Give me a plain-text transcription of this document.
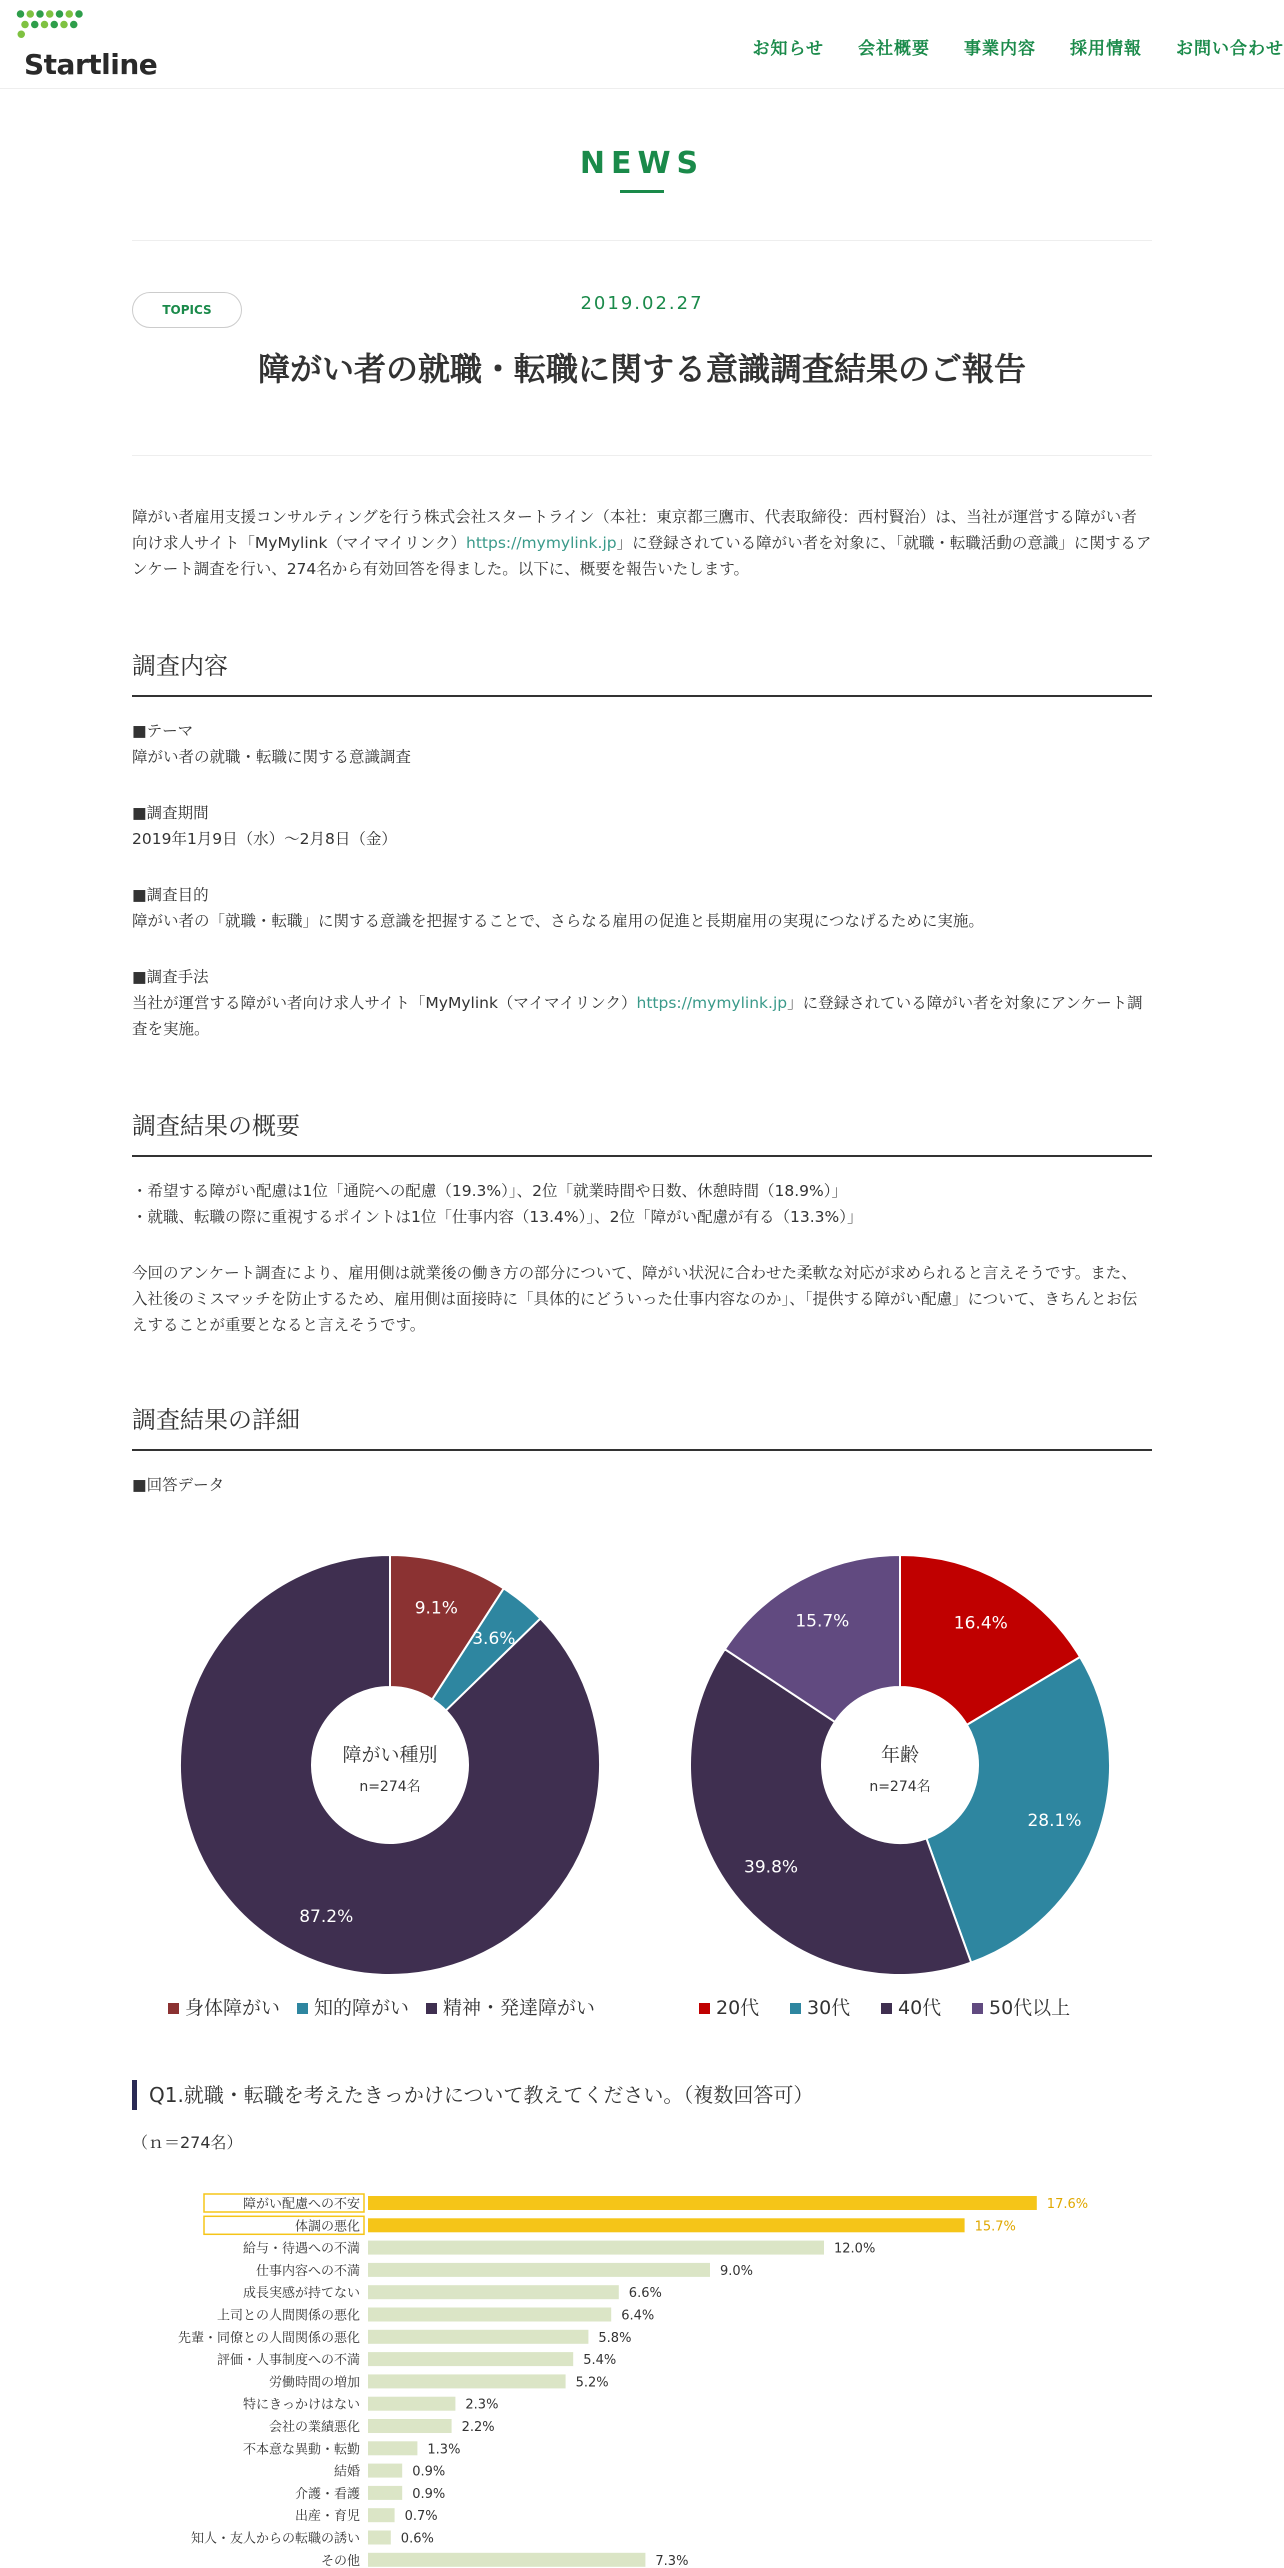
Startline	お知らせ 会社概要 事業内容 採用情報 お問い合わせ
NEWS
TOPICS	2019.02.27
障がい者の就職・転職に関する意識調査結果のご報告
障がい者雇用支援コンサルティングを行う株式会社スタートライン（本社：東京都三鷹市、代表取締役：西村賢治）は、当社が運営する障がい者向け求人サイト「MyMylink（マイマイリンク）https://mymylink.jp」に登録されている障がい者を対象に、「就職・転職活動の意識」に関するアンケート調査を行い、274名から有効回答を得ました。以下に、概要を報告いたします。
調査内容
■テーマ
障がい者の就職・転職に関する意識調査
■調査期間
2019年1月9日（水）～2月8日（金）
■調査目的
障がい者の「就職・転職」に関する意識を把握することで、さらなる雇用の促進と長期雇用の実現につなげるために実施。
■調査手法
当社が運営する障がい者向け求人サイト「MyMylink（マイマイリンク）https://mymylink.jp」に登録されている障がい者を対象にアンケート調査を実施。
調査結果の概要
・希望する障がい配慮は1位「通院への配慮（19.3%）」、2位「就業時間や日数、休憩時間（18.9%）」
・就職、転職の際に重視するポイントは1位「仕事内容（13.4%）」、2位「障がい配慮が有る（13.3%）」
今回のアンケート調査により、雇用側は就業後の働き方の部分について、障がい状況に合わせた柔軟な対応が求められると言えそうです。また、入社後のミスマッチを防止するため、雇用側は面接時に「具体的にどういった仕事内容なのか」、「提供する障がい配慮」について、きちんとお伝えすることが重要となると言えそうです。
調査結果の詳細
■回答データ
9.1%
3.6%
87.2%
障がい種別
n=274名
身体障がい 知的障がい 精神・発達障がい
16.4%
28.1%
39.8%
15.7%
年齢
n=274名
20代	30代	40代	50代以上
Q1.就職・転職を考えたきっかけについて教えてください。（複数回答可）
（ｎ＝274名）
障がい配慮への不安	17.6%
体調の悪化	15.7%
給与・待遇への不満	12.0%
仕事内容への不満	9.0%
成長実感が持てない	6.6%
上司との人間関係の悪化	6.4%
先輩・同僚との人間関係の悪化	5.8%
評価・人事制度への不満	5.4%
労働時間の増加	5.2%
特にきっかけはない	2.3%
会社の業績悪化	2.2%
不本意な異動・転勤	1.3%
結婚	0.9%
介護・看護	0.9%
出産・育児	0.7%
知人・友人からの転職の誘い	0.6%
その他	7.3%
